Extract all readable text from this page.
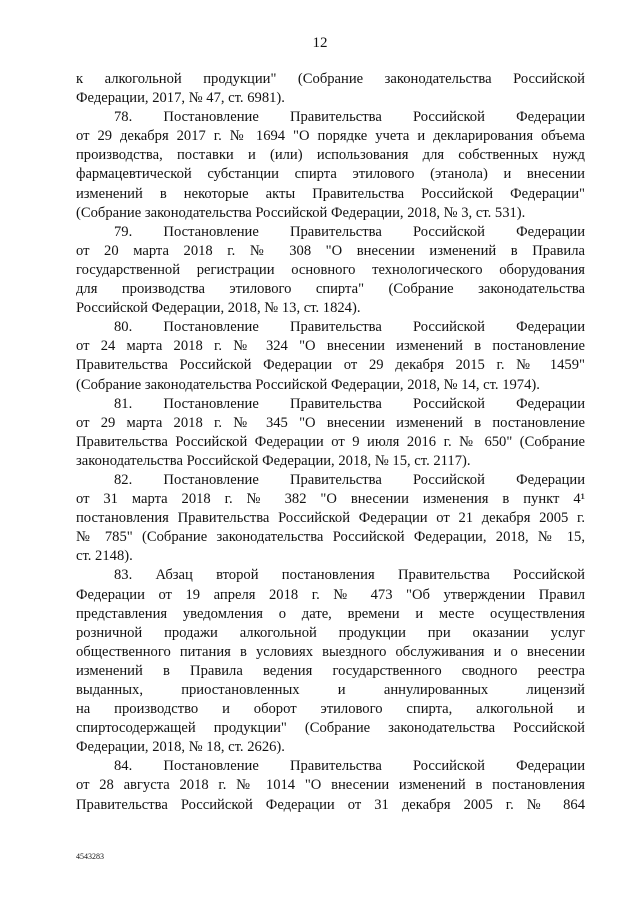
12
к алкогольной продукции" (Собрание законодательства Российской
Федерации, 2017, № 47, ст. 6981).
78. Постановление Правительства Российской Федерации
от 29 декабря 2017 г. № 1694 "О порядке учета и декларирования объема
производства, поставки и (или) использования для собственных нужд
фармацевтической субстанции спирта этилового (этанола) и внесении
изменений в некоторые акты Правительства Российской Федерации"
(Собрание законодательства Российской Федерации, 2018, № 3, ст. 531).
79. Постановление Правительства Российской Федерации
от 20 марта 2018 г. № 308 "О внесении изменений в Правила
государственной регистрации основного технологического оборудования
для производства этилового спирта" (Собрание законодательства
Российской Федерации, 2018, № 13, ст. 1824).
80. Постановление Правительства Российской Федерации
от 24 марта 2018 г. № 324 "О внесении изменений в постановление
Правительства Российской Федерации от 29 декабря 2015 г. № 1459"
(Собрание законодательства Российской Федерации, 2018, № 14, ст. 1974).
81. Постановление Правительства Российской Федерации
от 29 марта 2018 г. № 345 "О внесении изменений в постановление
Правительства Российской Федерации от 9 июля 2016 г. № 650" (Собрание
законодательства Российской Федерации, 2018, № 15, ст. 2117).
82. Постановление Правительства Российской Федерации
от 31 марта 2018 г. № 382 "О внесении изменения в пункт 4¹
постановления Правительства Российской Федерации от 21 декабря 2005 г.
№ 785" (Собрание законодательства Российской Федерации, 2018, № 15,
ст. 2148).
83. Абзац второй постановления Правительства Российской
Федерации от 19 апреля 2018 г. № 473 "Об утверждении Правил
представления уведомления о дате, времени и месте осуществления
розничной продажи алкогольной продукции при оказании услуг
общественного питания в условиях выездного обслуживания и о внесении
изменений в Правила ведения государственного сводного реестра
выданных, приостановленных и аннулированных лицензий
на производство и оборот этилового спирта, алкогольной и
спиртосодержащей продукции" (Собрание законодательства Российской
Федерации, 2018, № 18, ст. 2626).
84. Постановление Правительства Российской Федерации
от 28 августа 2018 г. № 1014 "О внесении изменений в постановления
Правительства Российской Федерации от 31 декабря 2005 г. № 864
4543283
